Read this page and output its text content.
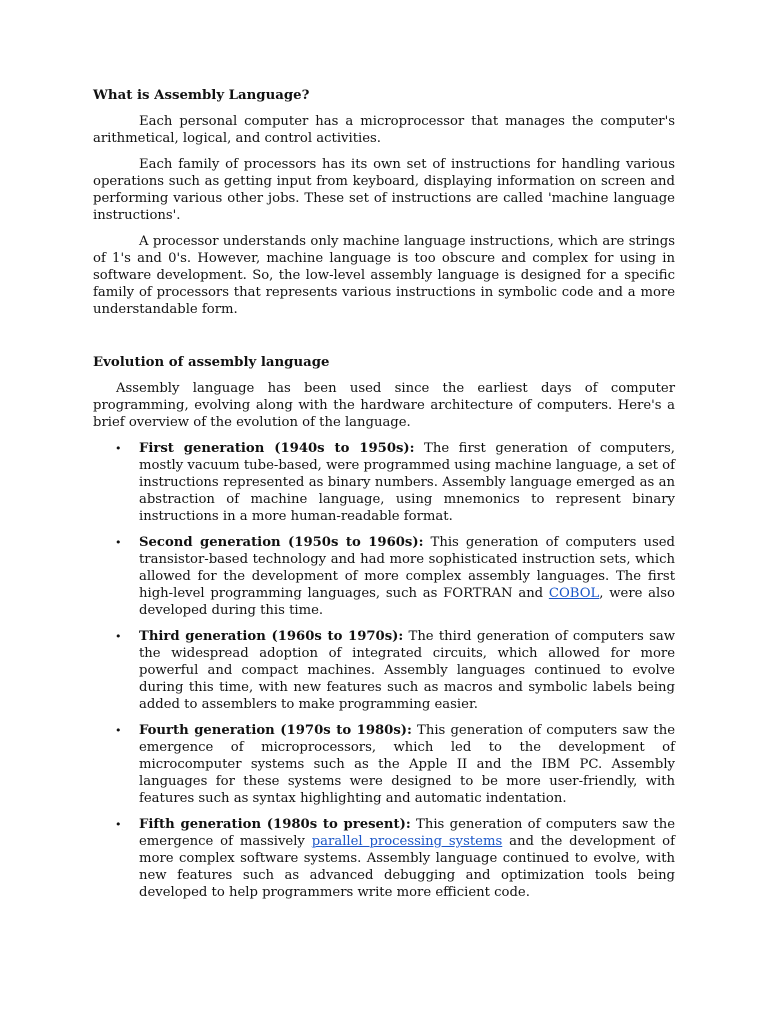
What is Assembly Language?

Each personal computer has a microprocessor that manages the computer's arithmetical, logical, and control activities.

Each family of processors has its own set of instructions for handling various operations such as getting input from keyboard, displaying information on screen and performing various other jobs. These set of instructions are called 'machine language instructions'.

A processor understands only machine language instructions, which are strings of 1's and 0's. However, machine language is too obscure and complex for using in software development. So, the low-level assembly language is designed for a specific family of processors that represents various instructions in symbolic code and a more understandable form.

Evolution of assembly language

Assembly language has been used since the earliest days of computer programming, evolving along with the hardware architecture of computers. Here's a brief overview of the evolution of the language.

• First generation (1940s to 1950s): The first generation of computers, mostly vacuum tube-based, were programmed using machine language, a set of instructions represented as binary numbers. Assembly language emerged as an abstraction of machine language, using mnemonics to represent binary instructions in a more human-readable format.
• Second generation (1950s to 1960s): This generation of computers used transistor-based technology and had more sophisticated instruction sets, which allowed for the development of more complex assembly languages. The first high-level programming languages, such as FORTRAN and COBOL, were also developed during this time.
• Third generation (1960s to 1970s): The third generation of computers saw the widespread adoption of integrated circuits, which allowed for more powerful and compact machines. Assembly languages continued to evolve during this time, with new features such as macros and symbolic labels being added to assemblers to make programming easier.
• Fourth generation (1970s to 1980s): This generation of computers saw the emergence of microprocessors, which led to the development of microcomputer systems such as the Apple II and the IBM PC. Assembly languages for these systems were designed to be more user-friendly, with features such as syntax highlighting and automatic indentation.
• Fifth generation (1980s to present): This generation of computers saw the emergence of massively parallel processing systems and the development of more complex software systems. Assembly language continued to evolve, with new features such as advanced debugging and optimization tools being developed to help programmers write more efficient code.
